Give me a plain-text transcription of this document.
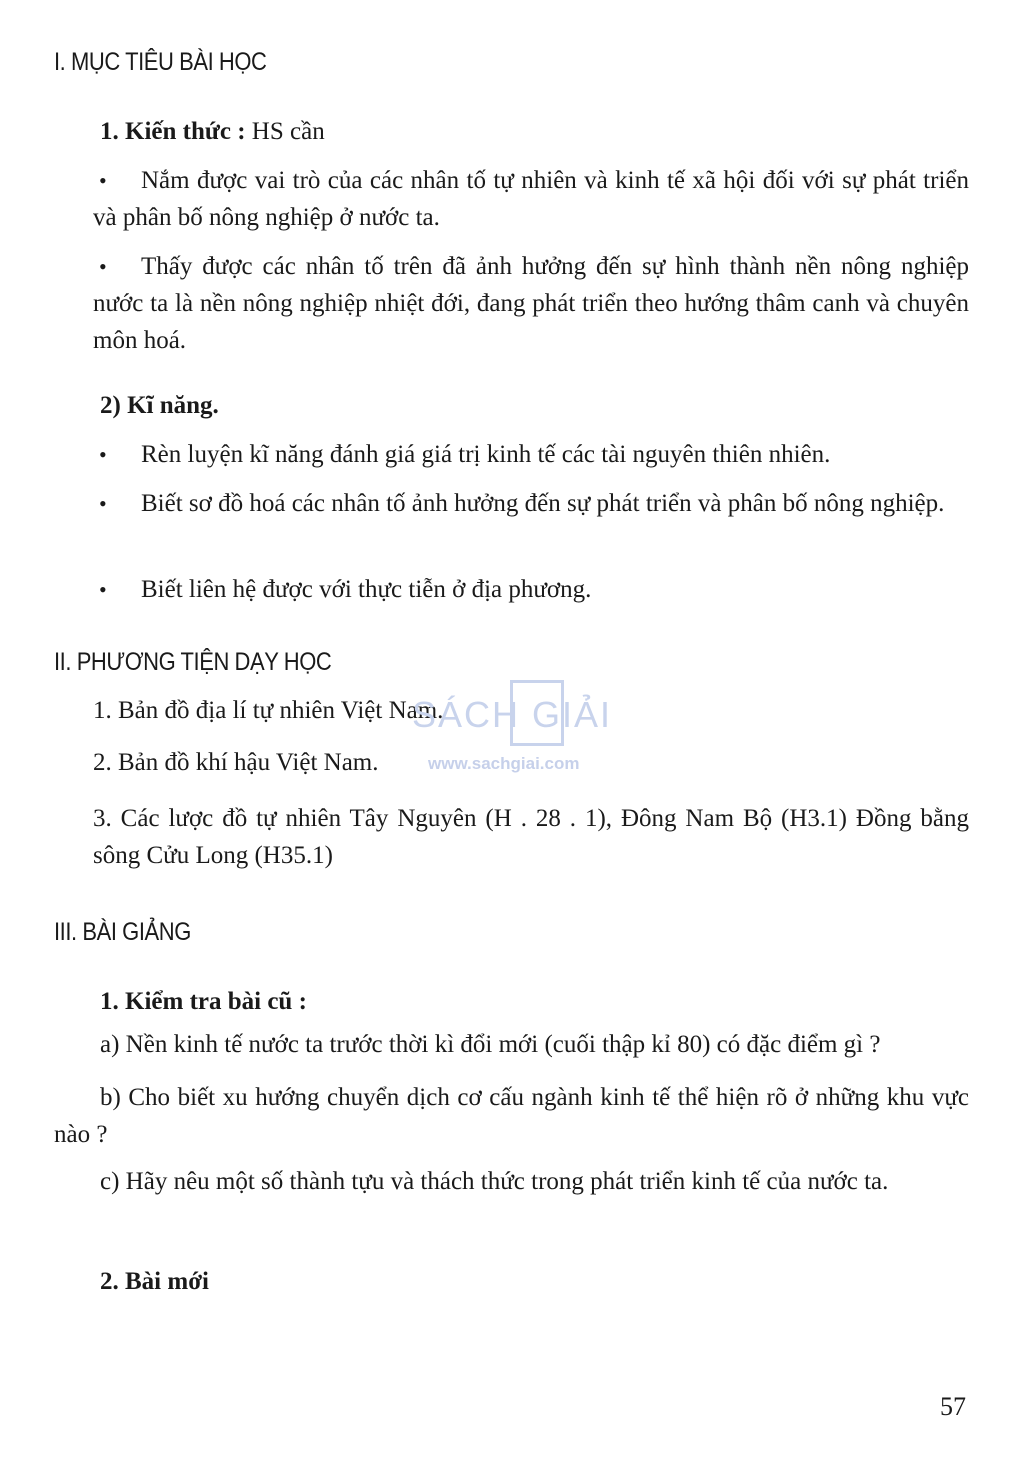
I. MỤC TIÊU BÀI HỌC
1. Kiến thức : HS cần
• Nắm được vai trò của các nhân tố tự nhiên và kinh tế xã hội đối với sự phát triển và phân bố nông nghiệp ở nước ta.
• Thấy được các nhân tố trên đã ảnh hưởng đến sự hình thành nền nông nghiệp nước ta là nền nông nghiệp nhiệt đới, đang phát triển theo hướng thâm canh và chuyên môn hoá.
2) Kĩ năng.
• Rèn luyện kĩ năng đánh giá giá trị kinh tế các tài nguyên thiên nhiên.
• Biết sơ đồ hoá các nhân tố ảnh hưởng đến sự phát triển và phân bố nông nghiệp.
• Biết liên hệ được với thực tiễn ở địa phương.
II. PHƯƠNG TIỆN DẠY HỌC
1. Bản đồ địa lí tự nhiên Việt Nam.
2. Bản đồ khí hậu Việt Nam.
3. Các lược đồ tự nhiên Tây Nguyên (H . 28 . 1), Đông Nam Bộ (H3.1) Đồng bằng sông Cửu Long (H35.1)
SÁCH GIẢI
www.sachgiai.com
III. BÀI GIẢNG
1. Kiểm tra bài cũ :
a) Nền kinh tế nước ta trước thời kì đổi mới (cuối thập kỉ 80) có đặc điểm gì ?
b) Cho biết xu hướng chuyển dịch cơ cấu ngành kinh tế thể hiện rõ ở những khu vực nào ?
c) Hãy nêu một số thành tựu và thách thức trong phát triển kinh tế của nước ta.
2. Bài mới
57
